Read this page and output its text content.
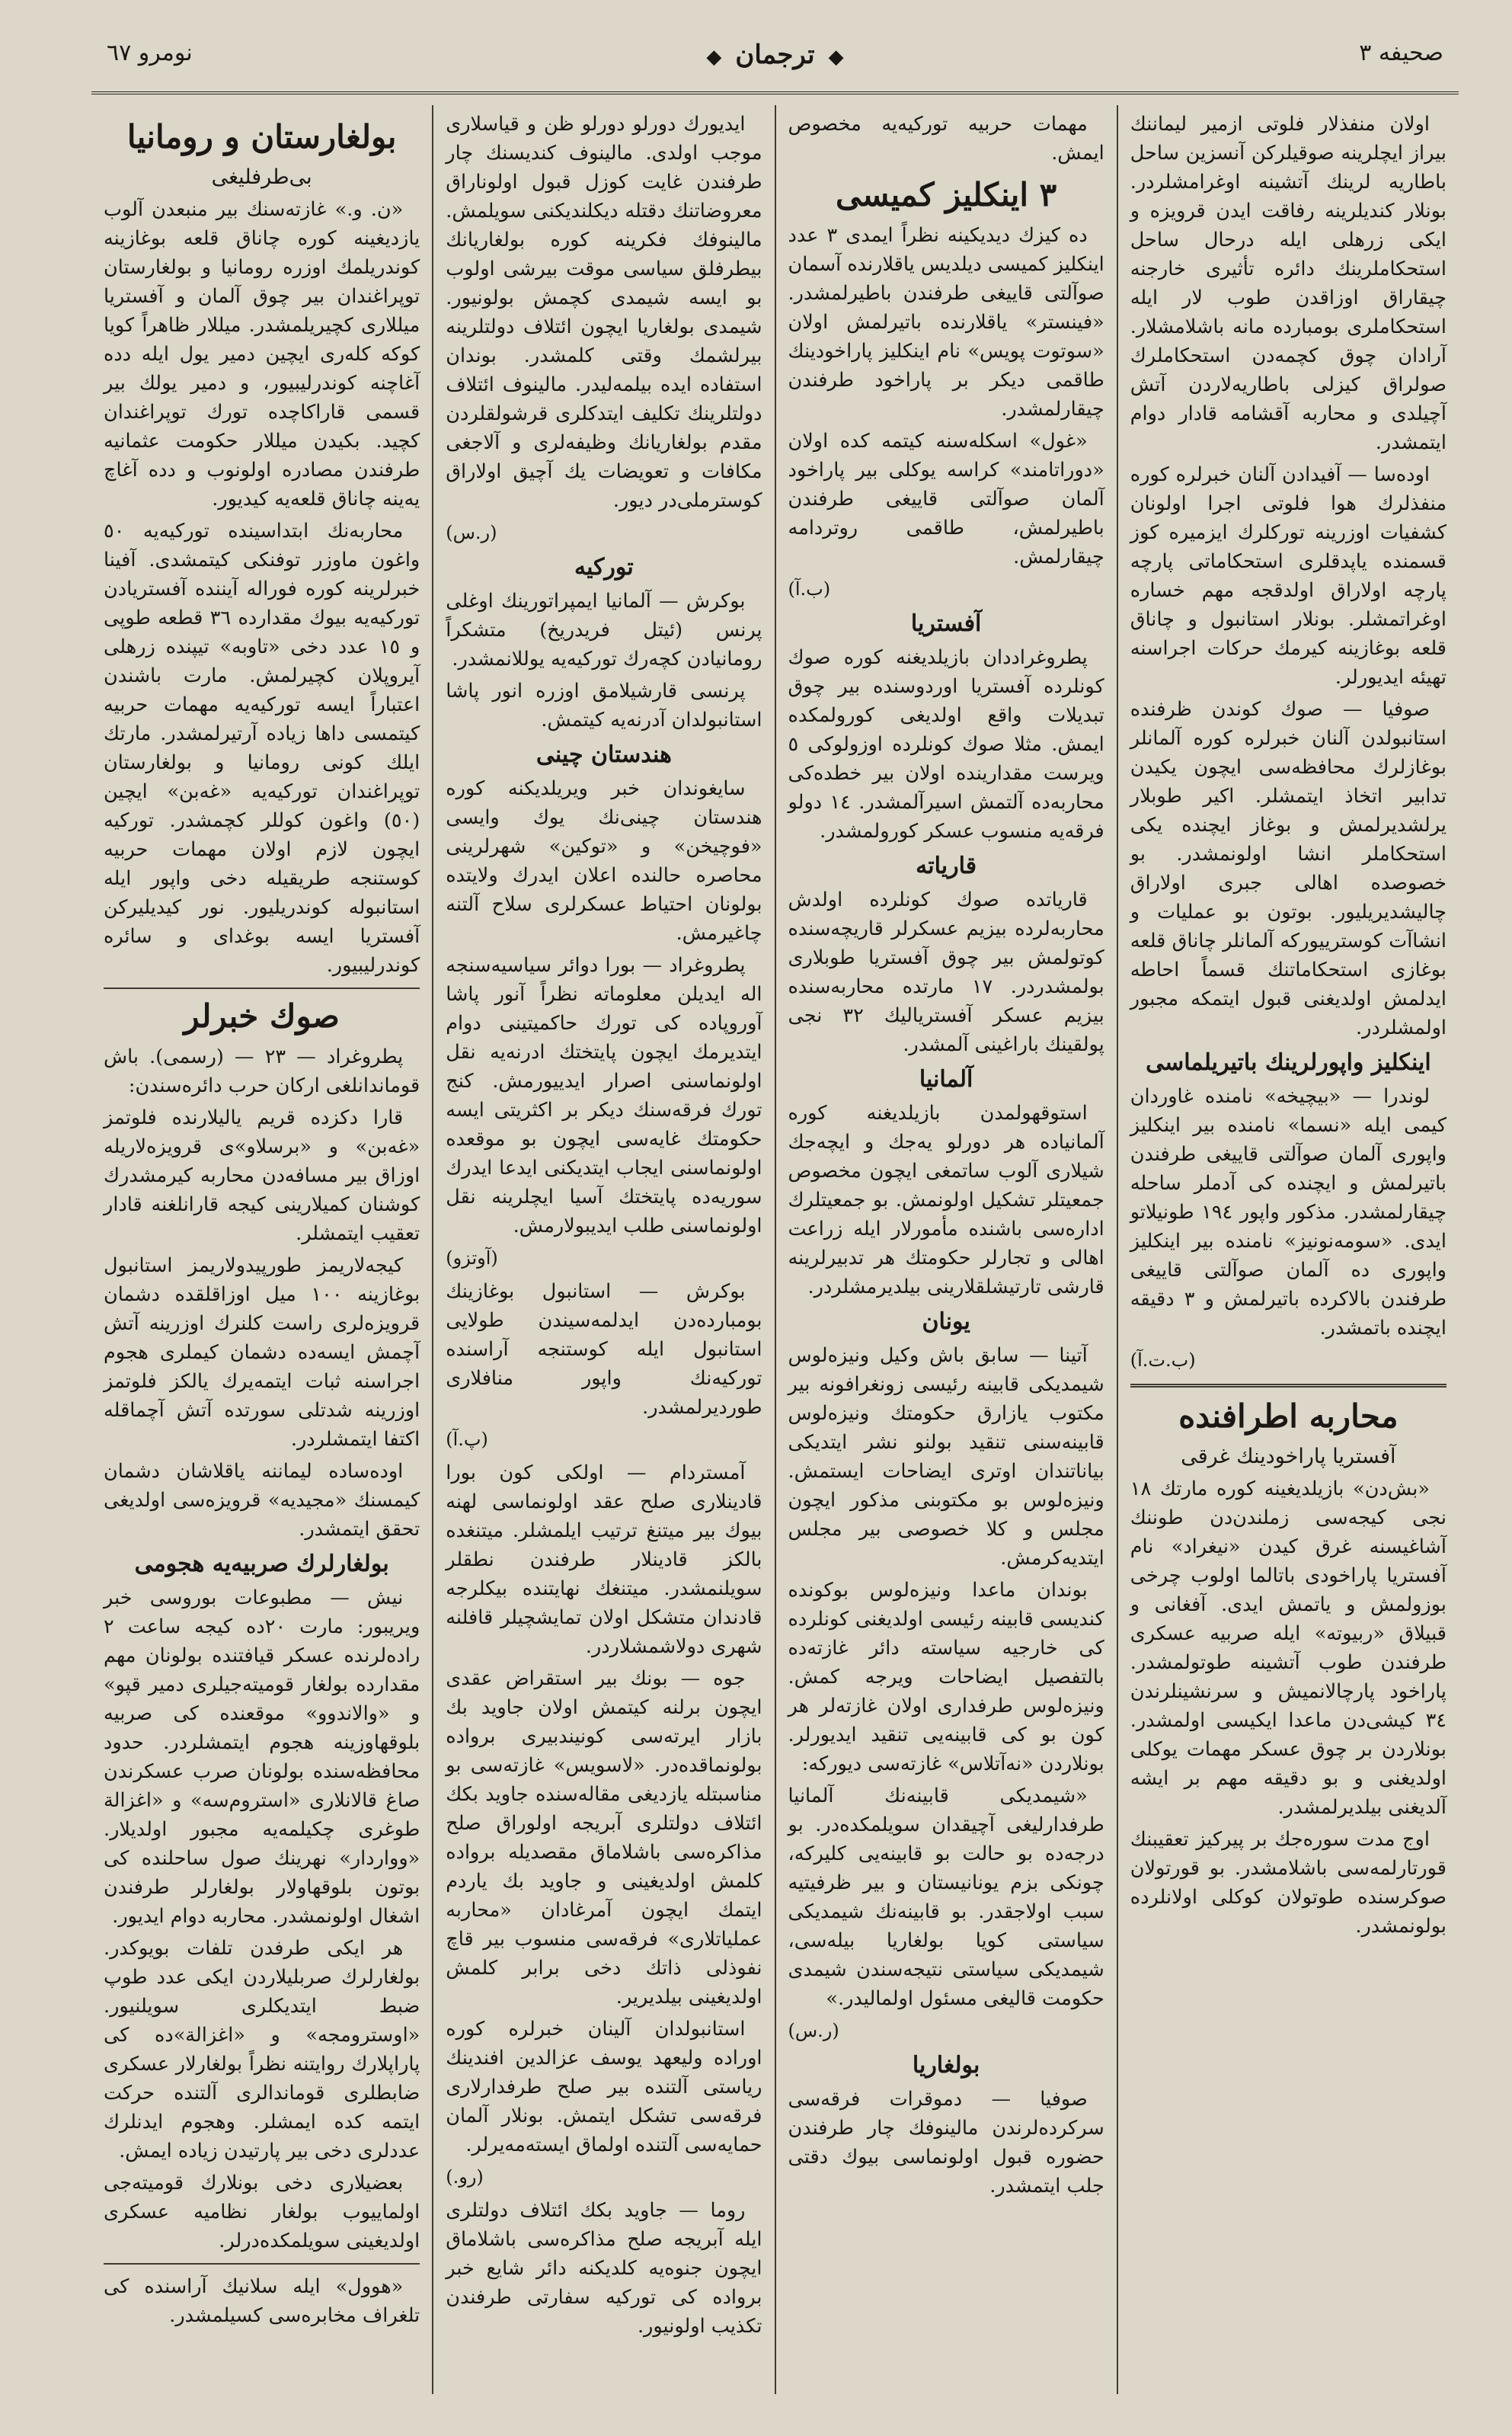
صحیفه ٣
◆ ترجمان ◆
نومرو ٦٧

اولان منفذلار فلوتی ازمیر لیماننك بیراز ایچلرینه صوقیلرکن آنسزین ساحل باطاریه لرینك آتشینه اوغرامشلردر. بونلار کندیلرینه رفاقت ایدن قرویزه و ایکی زرهلی ایله درحال ساحل استحکاملرینك دائره تأثیری خارجنه چیقاراق اوزاقدن طوب لار ایله استحکاملری بومبارده مانه باشلامشلار. آرادان چوق کچمه‌دن استحکاملرك صولراق کیزلی باطاریه‌لاردن آتش آچیلدی و محاربه آقشامه قادار دوام ایتمشدر.

اوده‌سا — آفیدادن آلنان خبرلره کوره منفذلرك هوا فلوتی اجرا اولونان کشفیات اوزرینه تورکلرك ایزمیره کوز قسمنده یاپدقلری استحکاماتی پارچه پارچه اولاراق اولدقجه مهم خساره اوغراتمشلر. بونلار استانبول و چاناق قلعه بوغازینه کیرمك حرکات اجراسنه تهیئه ایدیورلر.

صوفیا — صوك كوندن ظرفنده استانبولدن آلنان خبرلره کوره آلمانلر بوغازلرك محافظه‌سی ایچون یکیدن تدابیر اتخاذ ایتمشلر. اکیر طوبلار یرلشدیرلمش و بوغاز ایچنده یکی استحکاملر انشا اولونمشدر. بو خصوصده اهالی جبری اولاراق چالیشدیریلیور. بوتون بو عملیات و انشاآت کوسترییورکه آلمانلر چاناق قلعه بوغازی استحکاماتنك قسماً احاطه ایدلمش اولدیغنی قبول ایتمکه مجبور اولمشلردر.

اینکلیز واپورلرینك باتیریلماسی

لوندرا — «بیچیخه» نامنده غاوردان کیمی ایله «نسما» نامنده بیر اینکلیز واپوری آلمان صوآلتی قاییغی طرفندن باتیرلمش و ایچنده کی آدملر ساحله چیقارلمشدر. مذکور واپور ١٩٤ طونیلاتو ایدی. «سومه‌نونیز» نامنده بیر اینکلیز واپوری ده آلمان صوآلتی قاییغی طرفندن بالاکرده باتیرلمش و ٣ دقیقه ایچنده باتمشدر.

(ب.ت.آ)
محاربه اطرافنده
آفستریا پاراخودینك غرقی

«بش‌دن» بازیلدیغینه کوره مارتك ١٨ نجی کیجه‌سی زملندن‌دن طوننك آشاغیسنه غرق کیدن «نیغراد» نام آفستریا پاراخودی باتالما اولوب چرخی بوزولمش و یاتمش ایدی. آفغانی و قبیلاق «ربیوته» ایله صربیه عسکری طرفندن طوب آتشینه طوتولمشدر. پاراخود پارچالانمیش و سرنشینلرندن ٣٤ کیشی‌دن ماعدا ایکیسی اولمشدر. بونلاردن بر چوق عسکر مهمات یوکلی اولدیغنی و بو دقیقه مهم بر ایشه آلدیغنی بیلدیرلمشدر.

اوج مدت سوره‌جك بر پیرکیز تعقیبنك قورتارلمه‌سی باشلامشدر. بو قورتولان صوكرسنده طوتولان کوكلی اولانلرده بولونمشدر.

مهمات حربیه تورکیه‌یه مخصوص ایمش.

٣ اینکلیز کمیسی

ده کیزك دیدیکینه نظراً ایمدی ٣ عدد اینکلیز کمیسی دیلدیس یاقلارنده آسمان صوآلتی قاییغی طرفندن باطیرلمشدر. «فینستر» یاقلارنده باتیرلمش اولان «سوتوت پویس» نام اینکلیز پاراخودینك طاقمی دیکر بر پاراخود طرفندن چیقارلمشدر.

«غول» اسکله‌سنه کیتمه کده اولان «دوراتامند» کراسه یوکلی بیر پاراخود آلمان صوآلتی قاییغی طرفندن باطیرلمش، طاقمی روتردامه چیقارلمش.

(ب.آ)
آفستریا

پطروغراددان بازیلدیغنه کوره صوك کونلرده آفستریا اوردوسنده بیر چوق تبدیلات واقع اولدیغی کورولمکده ایمش. مثلا صوك کونلرده اوزولوکی ٥ ویرست مقدارینده اولان بیر خطده‌کی محاربه‌ده آلتمش اسیرآلمشدر. ١٤ دولو فرقه‌یه منسوب عسکر کورولمشدر.

قاریاته

قاریاتده صوك کونلرده اولدش محاربه‌لرده بیزیم عسکرلر قاریچه‌سنده کوتولمش بیر چوق آفستریا طوبلاری بولمشدردر. ١٧ مارتده محاربه‌سنده بیزیم عسکر آفستریالیك ٣٢ نجی پولقینك باراغینی آلمشدر.

آلمانیا

استوقهولمدن بازیلدیغنه کوره آلمانیاده هر دورلو یه‌جك و ایچه‌جك شیلاری آلوب ساتمغی ایچون مخصوص جمعیتلر تشکیل اولونمش. بو جمعیتلرك اداره‌سی باشنده مأمورلار ایله زراعت اهالی و تجارلر حکومتك هر تدبیرلرینه قارشی تارتیشلقلارینی بیلدیرمشلردر.

یونان

آتینا — سابق باش وکیل ونیزه‌لوس شیمدیکی قابینه رئیسی زونغرافونه بیر مکتوب یازارق حکومتك ونیزه‌لوس قابینه‌سنی تنقید بولنو نشر ایتدیکی بیاناتندان اوتری ایضاحات ایستمش. ونیزه‌لوس بو مکتوبنی مذکور ایچون مجلس و کلا خصوصی بیر مجلس ایتدیه‌کرمش.

بوندان ماعدا ونیزه‌لوس بوکونده کندیسی قابینه رئیسی اولدیغنی کونلرده کی خارجیه سیاسته دائر غازته‌ده بالتفصیل ایضاحات ویرجه کمش. ونیزه‌لوس طرفداری اولان غازته‌لر هر کون بو کی قابینه‌یی تنقید ایدیورلر. بونلاردن «نه‌آتلاس» غازته‌سی دیورکه:

«شیمدیکی قابینه‌نك آلمانیا طرفدارلیغی آچیقدان سویلمکده‌در. بو درجه‌ده بو حالت بو قابینه‌یی کلیرکه، چونکی بزم یونانیستان و بیر ظرفیتیه سبب اولاجقدر. بو قابینه‌نك شیمدیکی سیاستی کویا بولغاریا بیله‌سی، شیمدیکی سیاستی نتیجه‌سندن شیمدی حکومت قالیغی مسئول اولمالیدر.»

(ر.س)
بولغاریا

صوفیا — دموقرات فرقه‌سی سرکرده‌لرندن مالینوفك چار طرفندن حضوره قبول اولونماسی بیوك دقتی جلب ایتمشدر.

ایدیورك دورلو دورلو ظن و قیاسلاری موجب اولدی. مالینوف کندیسنك چار طرفندن غایت کوزل قبول اولوناراق معروضاتنك دقتله دیکلندیکنی سویلمش. مالینوفك فکرینه کوره بولغاریانك بیطرفلق سیاسی موقت بیرشی اولوب بو ایسه شیمدی کچمش بولونیور. شیمدی بولغاریا ایچون ائتلاف دولتلرینه بیرلشمك وقتی کلمشدر. بوندان استفاده ایده بیلمه‌لیدر. مالینوف ائتلاف دولتلرینك تکلیف ایتدکلری قرشولقلردن مقدم بولغاریانك وظیفه‌لری و آلاجغی مکافات و تعویضات یك آچیق اولاراق کوسترملی‌در دیور.

(ر.س)
تورکیه

بوکرش — آلمانیا ایمپراتورینك اوغلی پرنس (ئیتل فریدریخ) متشکراً رومانیادن کچه‌رك تورکیه‌یه یوللانمشدر.

پرنسی قارشیلامق اوزره انور پاشا استانبولدان آدرنه‌یه کیتمش.

هندستان چینی

سایغوندان خبر ویریلدیکنه کوره هندستان چینی‌نك یوك وایسی «فوچیخن» و «توکین» شهرلرینی محاصره حالنده اعلان ایدرك ولایتده بولونان احتیاط عسکرلری سلاح آلتنه چاغیرمش.

پطروغراد — بورا دوائر سیاسیه‌سنجه اله ایدیلن معلوماته نظراً آنور پاشا آوروپاده کی تورك حاکمیتینی دوام ایتدیرمك ایچون پایتختك ادرنه‌یه نقل اولونماسنی اصرار ایدییورمش. کنج تورك فرقه‌سنك دیکر بر اکثریتی ایسه حکومتك غایه‌سی ایچون بو موقعده اولونماسنی ایجاب ایتدیکنی ایدعا ایدرك سوریه‌ده پایتختك آسیا ایچلرینه نقل اولونماسنی طلب ایدیبولارمش.

(آوتزو)

بوکرش — استانبول بوغازینك بومبارده‌دن ایدلمه‌سیندن طولایی استانبول ایله کوستنجه آراسنده تورکیه‌نك واپور منافلاری طوردیرلمشدر.

(پ.آ)

آمستردام — اولکی کون بورا قادینلاری صلح عقد اولونماسی لهنه بیوك بیر میتنغ ترتیب ایلمشلر. میتنغده بالکز قادینلار طرفندن نطقلر سویلنمشدر. میتنغك نهایتنده بیکلرجه قادندان متشکل اولان تمایشچیلر قافلنه شهری دولاشمشلاردر.

جوه — بونك بیر استقراض عقدی ایچون برلنه کیتمش اولان جاوید بك بازار ایرته‌سی کونیندبیری برواده بولونماقده‌در. «لاسویس» غازته‌سی بو مناسبتله یازدیغی مقاله‌سنده جاوید بکك ائتلاف دولتلری آبریجه اولوراق صلح مذاکره‌سی باشلاماق مقصدیله برواده کلمش اولدیغینی و جاوید بك یاردم ایتمك ایچون آمرغادان «محاربه عملیاتلاری» فرقه‌سی منسوب بیر قاچ نفوذلی ذاتك دخی برابر کلمش اولدیغینی بیلدیریر.

استانبولدان آلینان خبرلره کوره اوراده ولیعهد یوسف عزالدین افندینك ریاستی آلتنده بیر صلح طرفدارلاری فرقه‌سی تشکل ایتمش. بونلار آلمان حمایه‌سی آلتنده اولماق ایسته‌مه‌یرلر.

(رو.)

روما — جاوید بکك ائتلاف دولتلری ایله آبریجه صلح مذاکره‌سی باشلاماق ایچون جنوه‌یه کلدیکنه دائر شایع خبر برواده کی تورکیه سفارتی طرفندن تکذیب اولونیور.

بولغارستان و رومانیا
بی‌طرفلیغی

«ن. و.» غازته‌سنك بیر منبعدن آلوب یازدیغینه کوره چاناق قلعه بوغازینه کوندریلمك اوزره رومانیا و بولغارستان توپراغندان بیر چوق آلمان و آفستریا میللاری کچیریلمشدر. میللار ظاهراً کویا کوکه کله‌ری ایچین دمیر یول ایله دده آغاچنه کوندرلیبیور، و دمیر یولك بیر قسمی قاراکاچده تورك توپراغندان کچید. بکیدن میللار حکومت عثمانیه طرفندن مصادره اولونوب و دده آغاچ یه‌ینه چاناق قلعه‌یه کیدیور.

محاربه‌نك ابتداسینده تورکیه‌یه ٥٠ واغون ماوزر توفنکی کیتمشدی. آفینا خبرلرینه کوره فوراله آیننده آفستریادن تورکیه‌یه بیوك مقدارده ٣٦ قطعه طوپی و ١٥ عدد دخی «تاوبه» تیپنده زرهلی آیروپلان کچیرلمش. مارت باشندن اعتباراً ایسه تورکیه‌یه مهمات حربیه کیتمسی داها زیاده آرتیرلمشدر. مارتك ایلك کونی رومانیا و بولغارستان توپراغندان تورکیه‌یه «غه‌بن» ایچین (٥٠) واغون کوللر کچمشدر. تورکیه ایچون لازم اولان مهمات حربیه کوستنجه طریقیله دخی واپور ایله استانبوله کوندریلیور. نور کیدیلیرکن آفستریا ایسه بوغدای و سائره کوندرلیبیور.

صوك خبرلر

پطروغراد — ٢٣ — (رسمی). باش قوماندانلغی ارکان حرب دائره‌سندن:

قارا دکزده قریم یالیلارنده فلوتمز «غه‌بن» و «برسلاو»ی قرویزه‌لاریله اوزاق بیر مسافه‌دن محاربه کیرمشدرك کوشنان کمیلارینی کیجه قارانلغنه قادار تعقیب ایتمشلر.

کیجه‌لاریمز طورپیدولاریمز استانبول بوغازینه ١٠٠ میل اوزاقلقده دشمان قرویزه‌لری راست کلنرك اوزرینه آتش آچمش ایسه‌ده دشمان کیملری هجوم اجراسنه ثبات ایتمه‌یرك یالکز فلوتمز اوزرینه شدتلی سورتده آتش آچماقله اکتفا ایتمشلردر.

اوده‌ساده لیماننه یاقلاشان دشمان کیمسنك «مجیدیه» قرویزه‌سی اولدیغی تحقق ایتمشدر.

بولغارلرك صربیه‌یه هجومی

نیش — مطبوعات بوروسی خبر ویریبور: مارت ٢٠ده کیجه ساعت ٢ راده‌لرنده عسکر قیافتنده بولونان مهم مقدارده بولغار قومیته‌جیلری دمیر قپو» و «والاندوو» موقعنده کی صربیه بلوقهاوزینه هجوم ایتمشلردر. حدود محافظه‌سنده بولونان صرب عسکرندن صاغ قالانلاری «استروم‌سه» و «اغزالة طوغری چکیلمه‌یه مجبور اولدیلار. «وواردار» نهرینك صول ساحلنده کی بوتون بلوقهاولار بولغارلر طرفندن اشغال اولونمشدر. محاربه دوام ایدیور.

هر ایکی طرفدن تلفات بویوکدر. بولغارلرك صربلیلاردن ایکی عدد طوپ ضبط ایتدیکلری سویلنیور. «اوسترومجه» و «اغزالة»ده کی پاراپلارك روایتنه نظراً بولغارلار عسکری ضابطلری قوماندالری آلتنده حرکت ایتمه کده ایمشلر. وهجوم ایدنلرك عددلری دخی بیر پارتیدن زیاده ایمش.

بعضیلاری دخی بونلارك قومیته‌جی اولماییوب بولغار نظامیه عسکری اولدیغینی سویلمکده‌درلر.

«هوول» ایله سلانیك آراسنده کی تلغراف مخابره‌سی کسیلمشدر.
